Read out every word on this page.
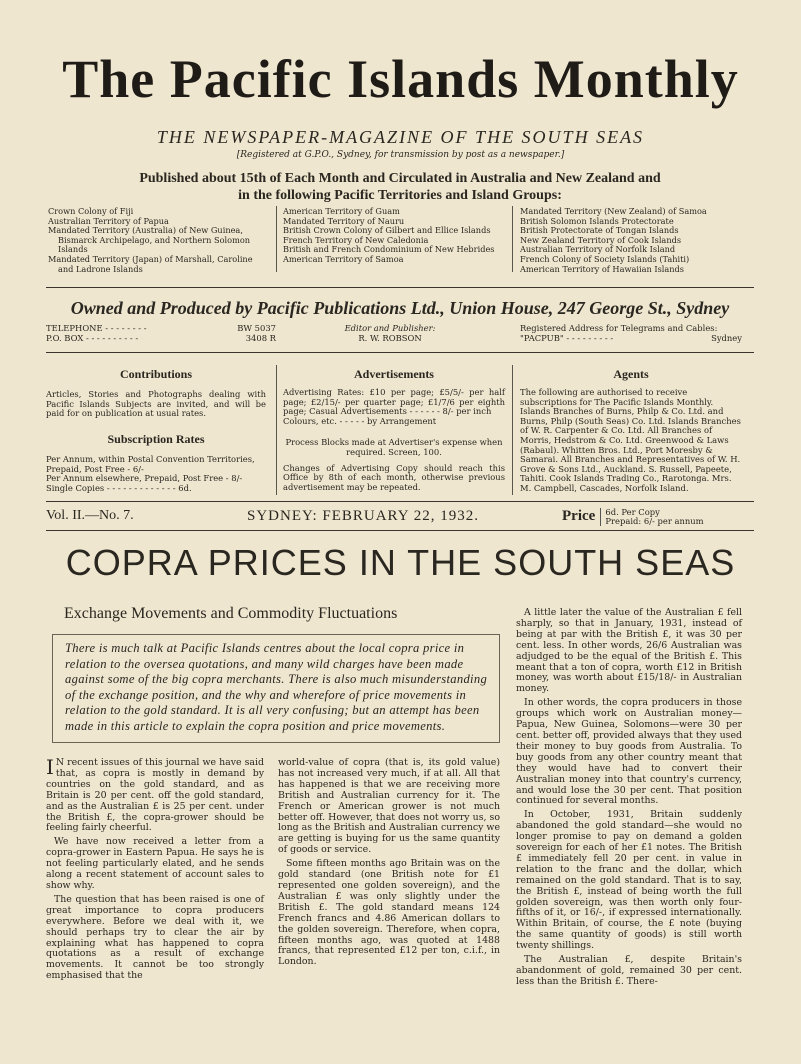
The Pacific Islands Monthly
THE NEWSPAPER-MAGAZINE OF THE SOUTH SEAS
[Registered at G.P.O., Sydney, for transmission by post as a newspaper.]
Published about 15th of Each Month and Circulated in Australia and New Zealand and
in the following Pacific Territories and Island Groups:
Crown Colony of Fiji
Australian Territory of Papua
Mandated Territory (Australia) of New Guinea, Bismarck Archipelago, and Northern Solomon Islands
Mandated Territory (Japan) of Marshall, Caroline and Ladrone Islands
American Territory of Guam
Mandated Territory of Nauru
British Crown Colony of Gilbert and Ellice Islands
French Territory of New Caledonia
British and French Condominium of New Hebrides
American Territory of Samoa
Mandated Territory (New Zealand) of Samoa
British Solomon Islands Protectorate
British Protectorate of Tongan Islands
New Zealand Territory of Cook Islands
Australian Territory of Norfolk Island
French Colony of Society Islands (Tahiti)
American Territory of Hawaiian Islands
Owned and Produced by Pacific Publications Ltd., Union House, 247 George St., Sydney
TELEPHONE - - - - - - - -	BW 5037
P.O. BOX - - - - - - - - - -	3408 R
Editor and Publisher:
R. W. ROBSON
Registered Address for Telegrams and Cables:
"PACPUB" - - - - - - - - -	Sydney
Contributions
Articles, Stories and Photographs dealing with Pacific Islands Subjects are invited, and will be paid for on publication at usual rates.
Subscription Rates
Per Annum, within Postal Convention Territories, Prepaid, Post Free - 6/-
Per Annum elsewhere, Prepaid, Post Free - 8/-
Single Copies - - - - - - - - - - - - - 6d.
Advertisements
Advertising Rates: £10 per page; £5/5/- per half page; £2/15/- per quarter page; £1/7/6 per eighth page; Casual Advertisements - - - - - - 8/- per inch
Colours, etc. - - - - - by Arrangement
Process Blocks made at Advertiser's expense when required. Screen, 100.
Changes of Advertising Copy should reach this Office by 8th of each month, otherwise previous advertisement may be repeated.
Agents
The following are authorised to receive subscriptions for The Pacific Islands Monthly. Islands Branches of Burns, Philp & Co. Ltd. and Burns, Philp (South Seas) Co. Ltd. Islands Branches of W. R. Carpenter & Co. Ltd. All Branches of Morris, Hedstrom & Co. Ltd. Greenwood & Laws (Rabaul). Whitten Bros. Ltd., Port Moresby & Samarai. All Branches and Representatives of W. H. Grove & Sons Ltd., Auckland. S. Russell, Papeete, Tahiti. Cook Islands Trading Co., Rarotonga. Mrs. M. Campbell, Cascades, Norfolk Island.
Vol. II.—No. 7.	SYDNEY: FEBRUARY 22, 1932.	Price 6d. Per Copy
Prepaid: 6/- per annum
COPRA PRICES IN THE SOUTH SEAS
Exchange Movements and Commodity Fluctuations
There is much talk at Pacific Islands centres about the local copra price in relation to the oversea quotations, and many wild charges have been made against some of the big copra merchants. There is also much misunderstanding of the exchange position, and the why and wherefore of price movements in relation to the gold standard. It is all very confusing; but an attempt has been made in this article to explain the copra position and price movements.

I N recent issues of this journal we have said that, as copra is mostly in demand by countries on the gold standard, and as Britain is 20 per cent. off the gold standard, and as the Australian £ is 25 per cent. under the British £, the copra-grower should be feeling fairly cheerful.

We have now received a letter from a copra-grower in Eastern Papua. He says he is not feeling particularly elated, and he sends along a recent statement of account sales to show why.

The question that has been raised is one of great importance to copra producers everywhere. Before we deal with it, we should perhaps try to clear the air by explaining what has happened to copra quotations as a result of exchange movements. It cannot be too strongly emphasised that the

world-value of copra (that is, its gold value) has not increased very much, if at all. All that has happened is that we are receiving more British and Australian currency for it. The French or American grower is not much better off. However, that does not worry us, so long as the British and Australian currency we are getting is buying for us the same quantity of goods or service.

Some fifteen months ago Britain was on the gold standard (one British note for £1 represented one golden sovereign), and the Australian £ was only slightly under the British £. The gold standard means 124 French francs and 4.86 American dollars to the golden sovereign. Therefore, when copra, fifteen months ago, was quoted at 1488 francs, that represented £12 per ton, c.i.f., in London.

A little later the value of the Australian £ fell sharply, so that in January, 1931, instead of being at par with the British £, it was 30 per cent. less. In other words, 26/6 Australian was adjudged to be the equal of the British £. This meant that a ton of copra, worth £12 in British money, was worth about £15/18/- in Australian money.

In other words, the copra producers in those groups which work on Australian money—Papua, New Guinea, Solomons—were 30 per cent. better off, provided always that they used their money to buy goods from Australia. To buy goods from any other country meant that they would have had to convert their Australian money into that country's currency, and would lose the 30 per cent. That position continued for several months.

In October, 1931, Britain suddenly abandoned the gold standard—she would no longer promise to pay on demand a golden sovereign for each of her £1 notes. The British £ immediately fell 20 per cent. in value in relation to the franc and the dollar, which remained on the gold standard. That is to say, the British £, instead of being worth the full golden sovereign, was then worth only four-fifths of it, or 16/-, if expressed internationally. Within Britain, of course, the £ note (buying the same quantity of goods) is still worth twenty shillings.

The Australian £, despite Britain's abandonment of gold, remained 30 per cent. less than the British £. There-
